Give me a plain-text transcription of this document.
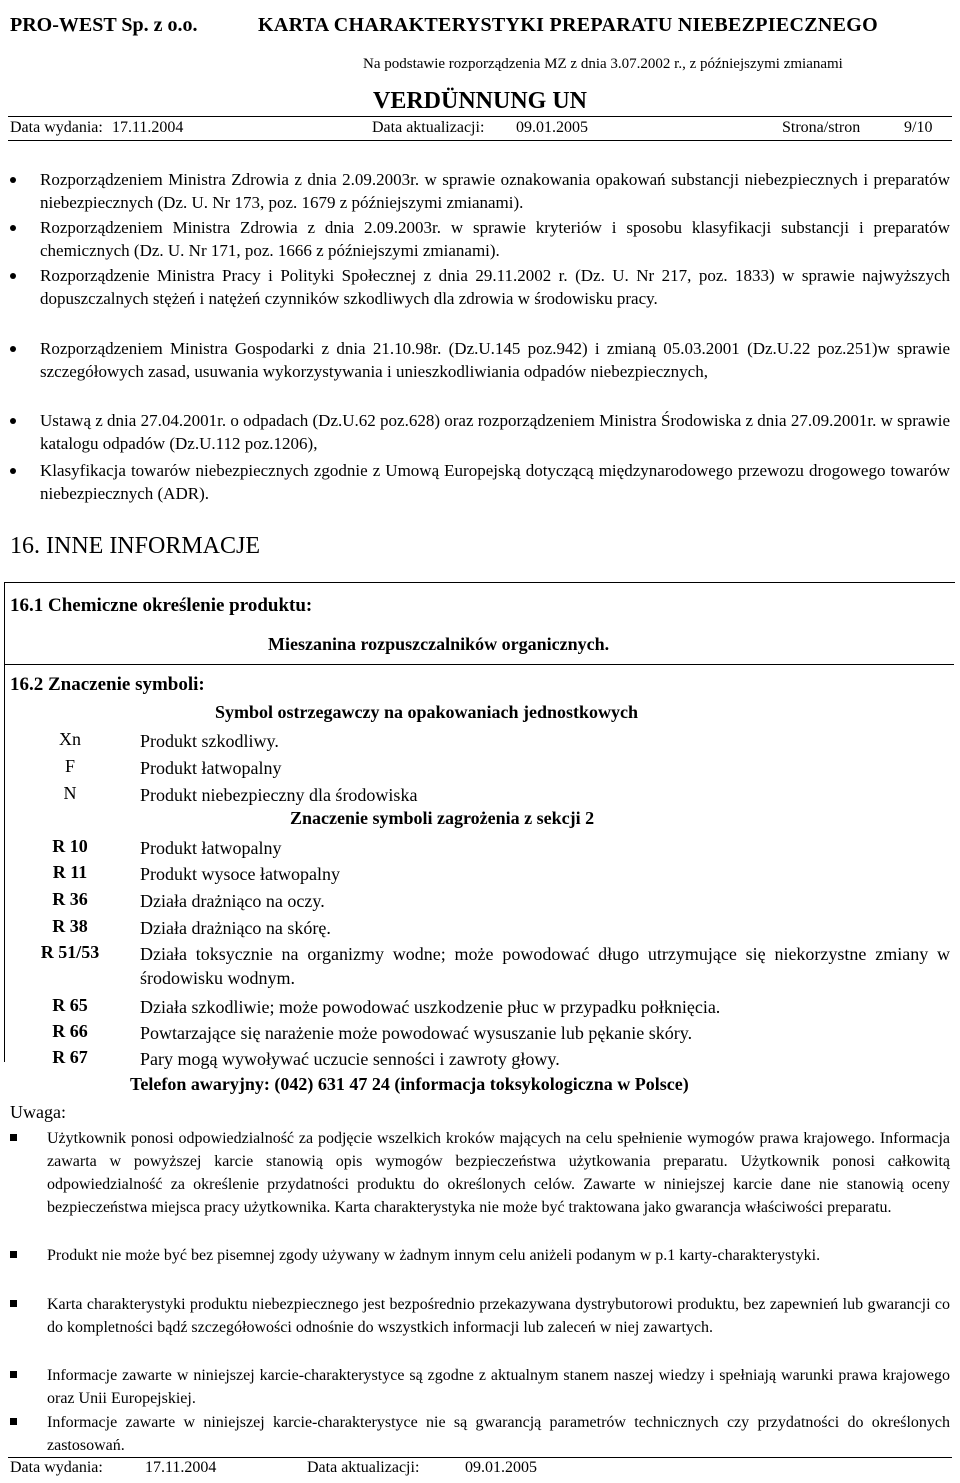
PRO-WEST Sp. z o.o.	KARTA CHARAKTERYSTYKI PREPARATU NIEBEZPIECZNEGO
Na podstawie rozporządzenia MZ z dnia 3.07.2002 r., z późniejszymi zmianami
VERDÜNNUNG UN
Data wydania: 17.11.2004	Data aktualizacji: 09.01.2005	Strona/stron	9/10
Rozporządzeniem Ministra Zdrowia z dnia 2.09.2003r. w sprawie oznakowania opakowań substancji niebezpiecznych i preparatów niebezpiecznych (Dz. U. Nr 173, poz. 1679 z późniejszymi zmianami).
Rozporządzeniem Ministra Zdrowia z dnia 2.09.2003r. w sprawie kryteriów i sposobu klasyfikacji substancji i preparatów chemicznych (Dz. U. Nr 171, poz. 1666 z późniejszymi zmianami).
Rozporządzenie Ministra Pracy i Polityki Społecznej z dnia 29.11.2002 r. (Dz. U. Nr 217, poz. 1833) w sprawie najwyższych dopuszczalnych stężeń i natężeń czynników szkodliwych dla zdrowia w środowisku pracy.
Rozporządzeniem Ministra Gospodarki z dnia 21.10.98r. (Dz.U.145 poz.942) i zmianą 05.03.2001 (Dz.U.22 poz.251)w sprawie szczegółowych zasad, usuwania wykorzystywania i unieszkodliwiania odpadów niebezpiecznych,
Ustawą z dnia 27.04.2001r. o odpadach (Dz.U.62 poz.628) oraz rozporządzeniem Ministra Środowiska z dnia 27.09.2001r. w sprawie katalogu odpadów (Dz.U.112 poz.1206),
Klasyfikacja towarów niebezpiecznych zgodnie z Umową Europejską dotyczącą międzynarodowego przewozu drogowego towarów niebezpiecznych (ADR).
16. INNE INFORMACJE
16.1 Chemiczne określenie produktu:
Mieszanina rozpuszczalników organicznych.
16.2 Znaczenie symboli:
Symbol ostrzegawczy na opakowaniach jednostkowych
Xn	Produkt szkodliwy.
F	Produkt łatwopalny
N	Produkt niebezpieczny dla środowiska
Znaczenie symboli zagrożenia z sekcji 2
R 10	Produkt łatwopalny
R 11	Produkt wysoce łatwopalny
R 36	Działa drażniąco na oczy.
R 38	Działa drażniąco na skórę.
R 51/53	Działa toksycznie na organizmy wodne; może powodować długo utrzymujące się niekorzystne zmiany w środowisku wodnym.
R 65	Działa szkodliwie; może powodować uszkodzenie płuc w przypadku połknięcia.
R 66	Powtarzające się narażenie może powodować wysuszanie lub pękanie skóry.
R 67	Pary mogą wywoływać uczucie senności i zawroty głowy.
Telefon awaryjny: (042) 631 47 24 (informacja toksykologiczna w Polsce)
Uwaga:
Użytkownik ponosi odpowiedzialność za podjęcie wszelkich kroków mających na celu spełnienie wymogów prawa krajowego. Informacja zawarta w powyższej karcie stanowią opis wymogów bezpieczeństwa użytkowania preparatu. Użytkownik ponosi całkowitą odpowiedzialność za określenie przydatności produktu do określonych celów. Zawarte w niniejszej karcie dane nie stanowią oceny bezpieczeństwa miejsca pracy użytkownika. Karta charakterystyka nie może być traktowana jako gwarancja właściwości preparatu.
Produkt nie może być bez pisemnej zgody używany w żadnym innym celu aniżeli podanym w p.1 karty-charakterystyki.
Karta charakterystyki produktu niebezpiecznego jest bezpośrednio przekazywana dystrybutorowi produktu, bez zapewnień lub gwarancji co do kompletności bądź szczegółowości odnośnie do wszystkich informacji lub zaleceń w niej zawartych.
Informacje zawarte w niniejszej karcie-charakterystyce są zgodne z aktualnym stanem naszej wiedzy i spełniają warunki prawa krajowego oraz Unii Europejskiej.
Informacje zawarte w niniejszej karcie-charakterystyce nie są gwarancją parametrów technicznych czy przydatności do określonych zastosowań.
Data wydania:	17.11.2004	Data aktualizacji:	09.01.2005
